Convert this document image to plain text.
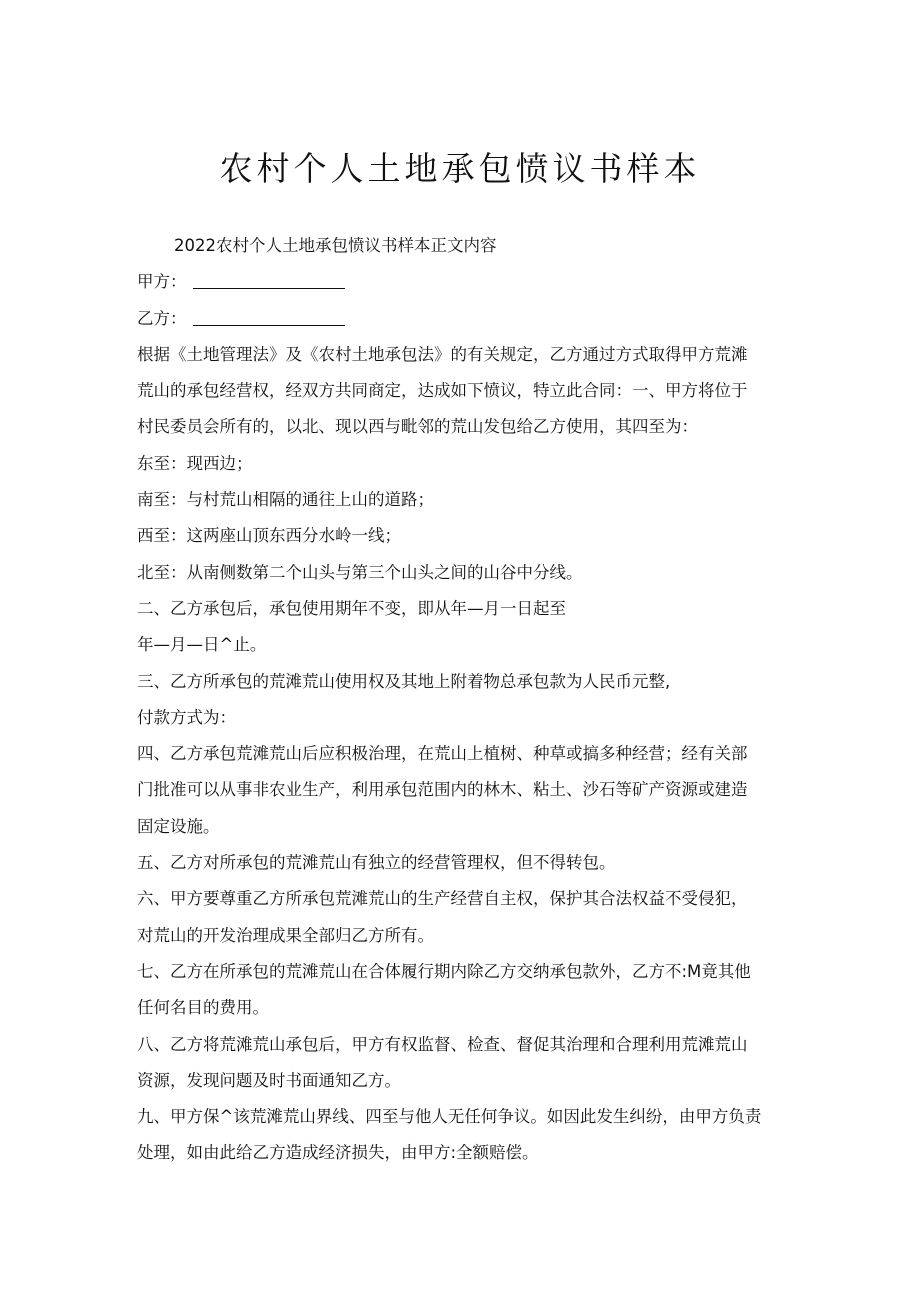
农村个人土地承包愤议书样本

2022农村个人土地承包愤议书样本正文内容

甲方：

乙方：

根据《土地管理法》及《农村土地承包法》的有关规定，乙方通过方式取得甲方荒滩

荒山的承包经营权，经双方共同商定，达成如下愤议，特立此合同：一、甲方将位于

村民委员会所有的，以北、现以西与毗邻的荒山发包给乙方使用，其四至为：

东至：现西边；

南至：与村荒山相隔的通往上山的道路；

西至：这两座山顶东西分水岭一线；

北至：从南侧数第二个山头与第三个山头之间的山谷中分线。

二、乙方承包后，承包使用期年不变，即从年—月一日起至

年—月—日^止。

三、乙方所承包的荒滩荒山使用权及其地上附着物总承包款为人民币元整,

付款方式为：

四、乙方承包荒滩荒山后应积极治理，在荒山上植树、种草或搞多种经营；经有关部

门批准可以从事非农业生产，利用承包范围内的林木、粘土、沙石等矿产资源或建造

固定设施。

五、乙方对所承包的荒滩荒山有独立的经营管理权，但不得转包。

六、甲方要尊重乙方所承包荒滩荒山的生产经营自主权，保护其合法权益不受侵犯，

对荒山的开发治理成果全部归乙方所有。

七、乙方在所承包的荒滩荒山在合体履行期内除乙方交纳承包款外，乙方不:M竟其他

任何名目的费用。

八、乙方将荒滩荒山承包后，甲方有权监督、检查、督促其治理和合理利用荒滩荒山

资源，发现问题及时书面通知乙方。

九、甲方保^该荒滩荒山界线、四至与他人无任何争议。如因此发生纠纷，由甲方负责

处理，如由此给乙方造成经济损失，由甲方:全额赔偿。
